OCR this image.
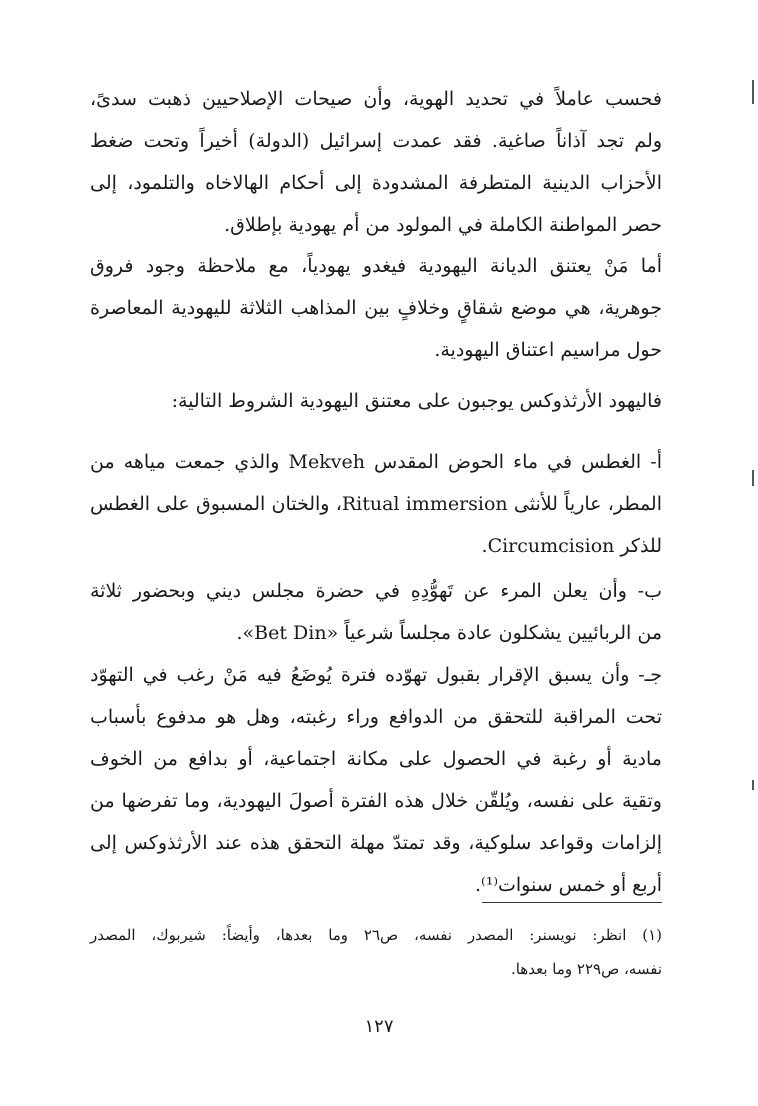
فحسب عاملاً في تحديد الهوية، وأن صيحات الإصلاحيين ذهبت سدىً،
ولم تجد آذاناً صاغية. فقد عمدت إسرائيل (الدولة) أخيراً وتحت ضغط
الأحزاب الدينية المتطرفة المشدودة إلى أحكام الهالاخاه والتلمود، إلى
حصر المواطنة الكاملة في المولود من أم يهودية بإطلاق.
أما مَنْ يعتنق الديانة اليهودية فيغدو يهودياً، مع ملاحظة وجود فروق
جوهرية، هي موضع شقاقٍ وخلافٍ بين المذاهب الثلاثة لليهودية المعاصرة
حول مراسيم اعتناق اليهودية.
فاليهود الأرثذوكس يوجبون على معتنق اليهودية الشروط التالية:
أ- الغطس في ماء الحوض المقدس Mekveh والذي جمعت مياهه من
المطر، عارياً للأنثى Ritual immersion، والختان المسبوق على الغطس
للذكر Circumcision.
ب- وأن يعلن المرء عن تَهوُّدِهِ في حضرة مجلس ديني وبحضور ثلاثة
من الربائيين يشكلون عادة مجلساً شرعياً «Bet Din».
جـ- وأن يسبق الإقرار بقبول تهوّده فترة يُوضَعُ فيه مَنْ رغب في التهوّد
تحت المراقبة للتحقق من الدوافع وراء رغبته، وهل هو مدفوع بأسباب
مادية أو رغبة في الحصول على مكانة اجتماعية، أو بدافع من الخوف
وتقية على نفسه، ويُلقّن خلال هذه الفترة أصولَ اليهودية، وما تفرضها من
إلزامات وقواعد سلوكية، وقد تمتدّ مهلة التحقق هذه عند الأرثذوكس إلى
أربع أو خمس سنوات⁽¹⁾.
(١) انظر: نويسنر: المصدر نفسه، ص٢٦ وما بعدها، وأيضاً: شيربوك، المصدر
نفسه، ص٢٢٩ وما بعدها.
١٢٧
